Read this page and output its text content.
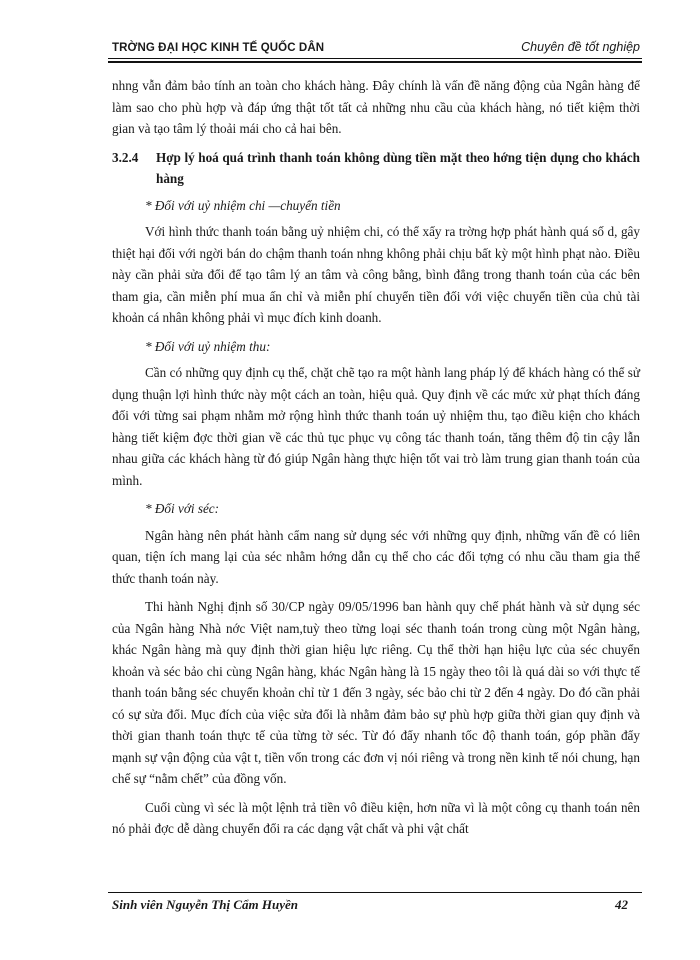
TRỜNG ĐẠI HỌC KINH TẾ QUỐC DÂN	Chuyên đề tốt nghiệp

nhng vẫn đảm bảo tính an toàn cho khách hàng. Đây chính là vấn đề năng động của Ngân hàng để làm sao cho phù hợp và đáp ứng thật tốt tất cả những nhu cầu của khách hàng, nó tiết kiệm thời gian và tạo tâm lý thoải mái cho cả hai bên.

3.2.4	Hợp lý hoá quá trình thanh toán không dùng tiền mặt theo hớng tiện dụng cho khách hàng

* Đối với uỷ nhiệm chi —chuyển tiền

Với hình thức thanh toán bằng uỷ nhiệm chi, có thể xẩy ra trờng hợp phát hành quá số d, gây thiệt hại đối với ngời bán do chậm thanh toán nhng không phải chịu bất kỳ một hình phạt nào. Điều này cần phải sửa đổi để tạo tâm lý an tâm và công bằng, bình đẳng trong thanh toán của các bên tham gia, cần miễn phí mua ấn chỉ và miễn phí chuyển tiền đối với việc chuyển tiền của chủ tài khoản cá nhân không phải vì mục đích kinh doanh.

* Đối với uỷ nhiệm thu:

Cần có những quy định cụ thể, chặt chẽ tạo ra một hành lang pháp lý để khách hàng có thể sử dụng thuận lợi hình thức này một cách an toàn, hiệu quả. Quy định về các mức xử phạt thích đáng đối với từng sai phạm nhằm mở rộng hình thức thanh toán uỷ nhiệm thu, tạo điều kiện cho khách hàng tiết kiệm đợc thời gian về các thủ tục phục vụ công tác thanh toán, tăng thêm độ tin cậy lẫn nhau giữa các khách hàng từ đó giúp Ngân hàng thực hiện tốt vai trò làm trung gian thanh toán của mình.

* Đối với séc:

Ngân hàng nên phát hành cẩm nang sử dụng séc với những quy định, những vấn đề có liên quan, tiện ích mang lại của séc nhằm hớng dẫn cụ thể cho các đối tợng có nhu cầu tham gia thể thức thanh toán này.

Thi hành Nghị định số 30/CP ngày 09/05/1996 ban hành quy chế phát hành và sử dụng séc của Ngân hàng Nhà nớc Việt nam,tuỳ theo từng loại séc thanh toán trong cùng một Ngân hàng, khác Ngân hàng mà quy định thời gian hiệu lực riêng. Cụ thể thời hạn hiệu lực của séc chuyển khoản và séc bảo chi cùng Ngân hàng, khác Ngân hàng là 15 ngày theo tôi là quá dài so với thực tế thanh toán bằng séc chuyển khoản chỉ từ 1 đến 3 ngày, séc bảo chi từ 2 đến 4 ngày. Do đó cần phải có sự sửa đổi. Mục đích của việc sửa đổi là nhằm đảm bảo sự phù hợp giữa thời gian quy định và thời gian thanh toán thực tế của từng tờ séc. Từ đó đẩy nhanh tốc độ thanh toán, góp phần đẩy mạnh sự vận động của vật t, tiền vốn trong các đơn vị nói riêng và trong nền kinh tế nói chung, hạn chế sự “nằm chết” của đồng vốn.

Cuối cùng vì séc là một lệnh trả tiền vô điều kiện, hơn nữa vì là một công cụ thanh toán nên nó phải đợc dễ dàng chuyển đổi ra các dạng vật chất và phi vật chất

Sinh viên Nguyễn Thị Cẩm Huyền	42
